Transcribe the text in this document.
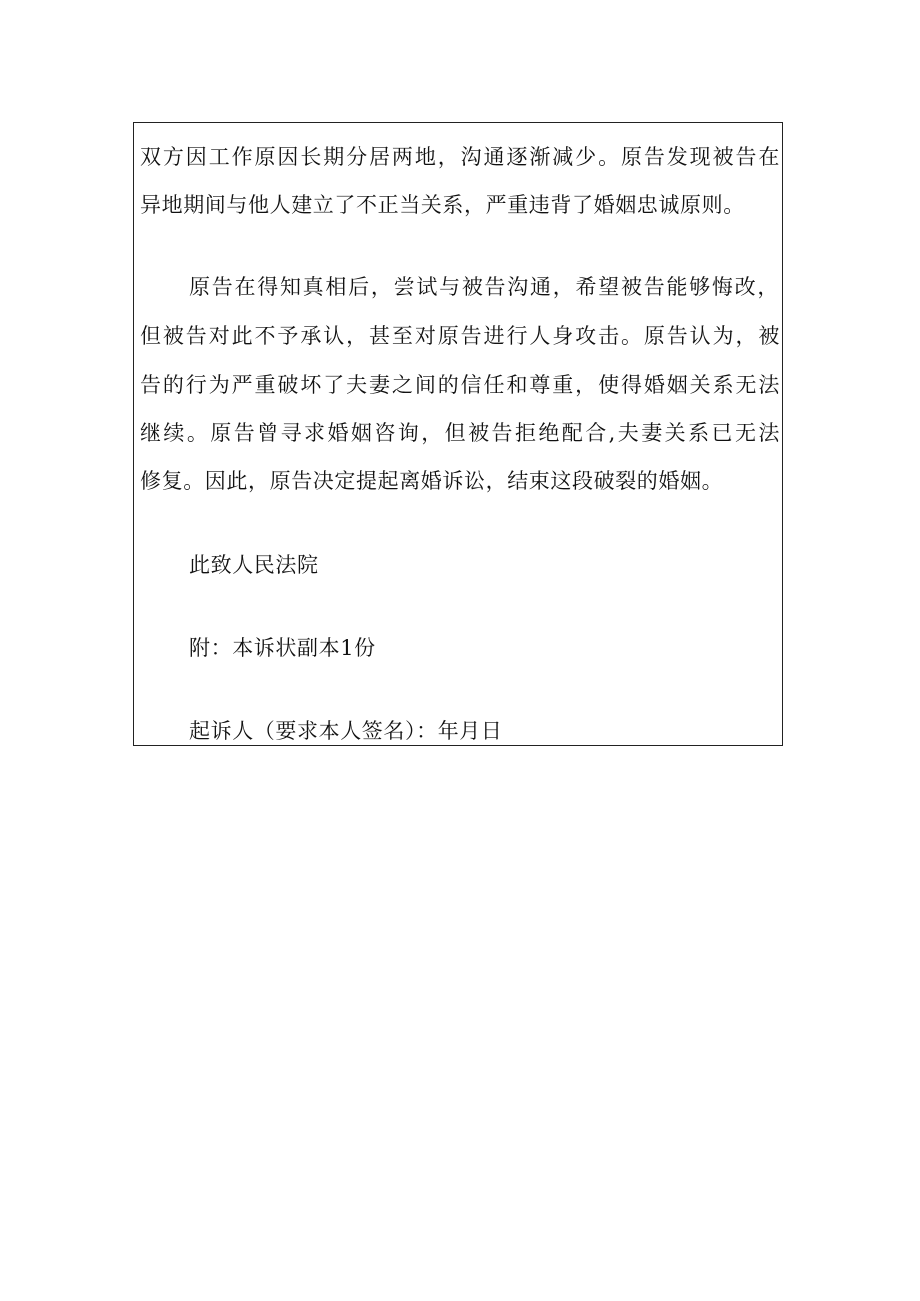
双方因工作原因长期分居两地，沟通逐渐减少。原告发现被告在
异地期间与他人建立了不正当关系，严重违背了婚姻忠诚原则。
原告在得知真相后，尝试与被告沟通，希望被告能够悔改，
但被告对此不予承认，甚至对原告进行人身攻击。原告认为，被
告的行为严重破坏了夫妻之间的信任和尊重，使得婚姻关系无法
继续。原告曾寻求婚姻咨询，但被告拒绝配合,夫妻关系已无法
修复。因此，原告决定提起离婚诉讼，结束这段破裂的婚姻。
此致人民法院
附：本诉状副本1份
起诉人（要求本人签名）：年月日
